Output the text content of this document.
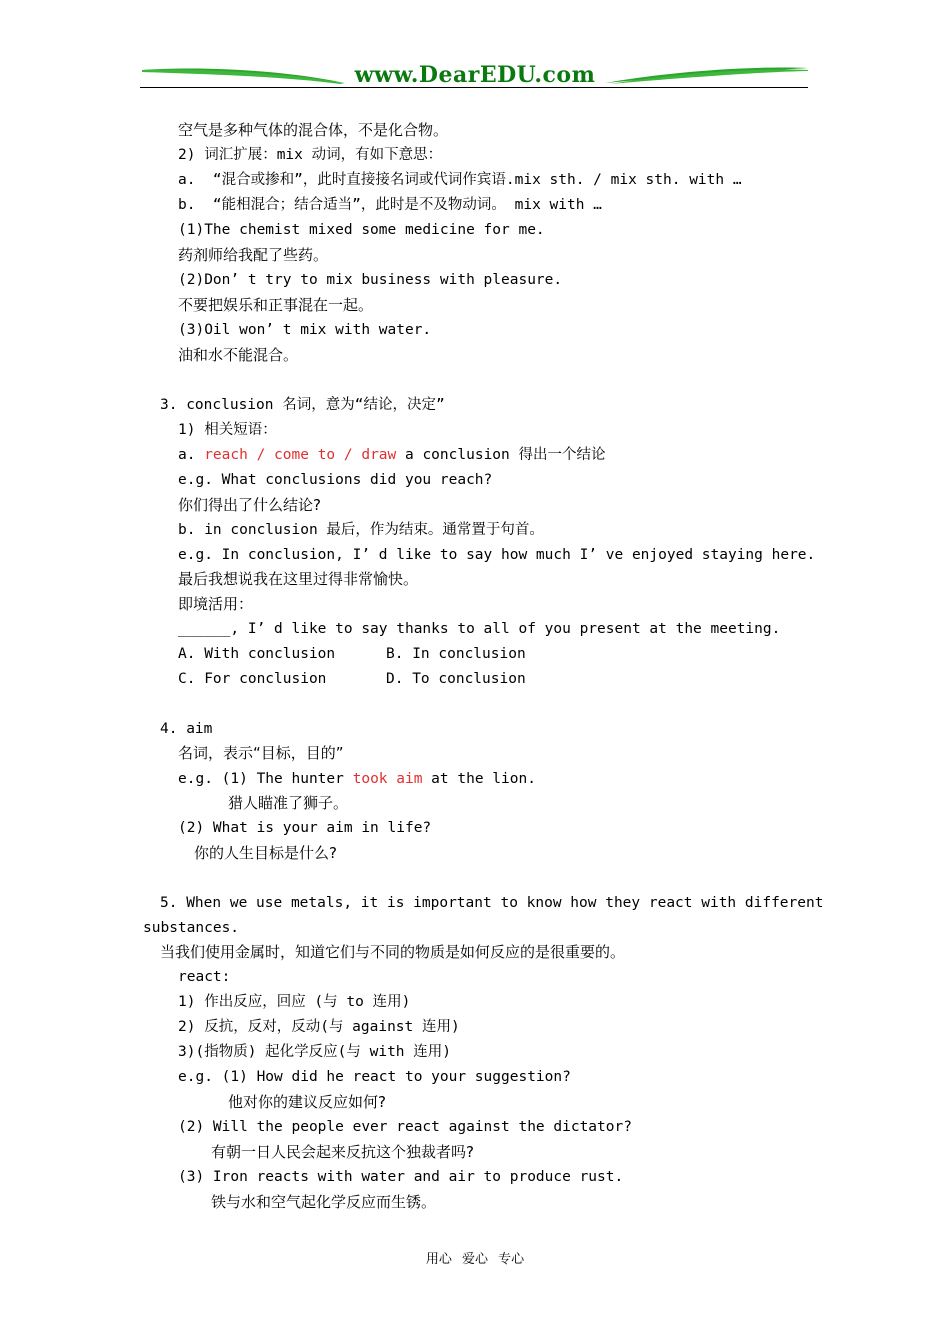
www.DearEDU.com
空气是多种气体的混合体，不是化合物。
2) 词汇扩展：mix 动词，有如下意思：
a.  “混合或掺和”，此时直接接名词或代词作宾语.mix sth. / mix sth. with …
b.  “能相混合；结合适当”，此时是不及物动词。 mix with …
(1)The chemist mixed some medicine for me.
药剂师给我配了些药。
(2)Don’ t try to mix business with pleasure.
不要把娱乐和正事混在一起。
(3)Oil won’ t mix with water.
油和水不能混合。
3. conclusion 名词，意为“结论，决定”
1) 相关短语：
a. reach / come to / draw a conclusion 得出一个结论
e.g. What conclusions did you reach?
你们得出了什么结论?
b. in conclusion 最后，作为结束。通常置于句首。
e.g. In conclusion, I’ d like to say how much I’ ve enjoyed staying here.
最后我想说我在这里过得非常愉快。
即境活用：
______, I’ d like to say thanks to all of you present at the meeting.
A. With conclusion	B. In conclusion
C. For conclusion	D. To conclusion
4. aim
名词，表示“目标，目的”
e.g. (1) The hunter took aim at the lion.
猎人瞄准了狮子。
(2) What is your aim in life?
你的人生目标是什么?
5. When we use metals, it is important to know how they react with different
substances.
当我们使用金属时，知道它们与不同的物质是如何反应的是很重要的。
react:
1) 作出反应，回应 (与 to 连用)
2) 反抗，反对，反动(与 against 连用)
3)(指物质) 起化学反应(与 with 连用)
e.g. (1) How did he react to your suggestion?
他对你的建议反应如何?
(2) Will the people ever react against the dictator?
有朝一日人民会起来反抗这个独裁者吗?
(3) Iron reacts with water and air to produce rust.
铁与水和空气起化学反应而生锈。
用心 爱心 专心
